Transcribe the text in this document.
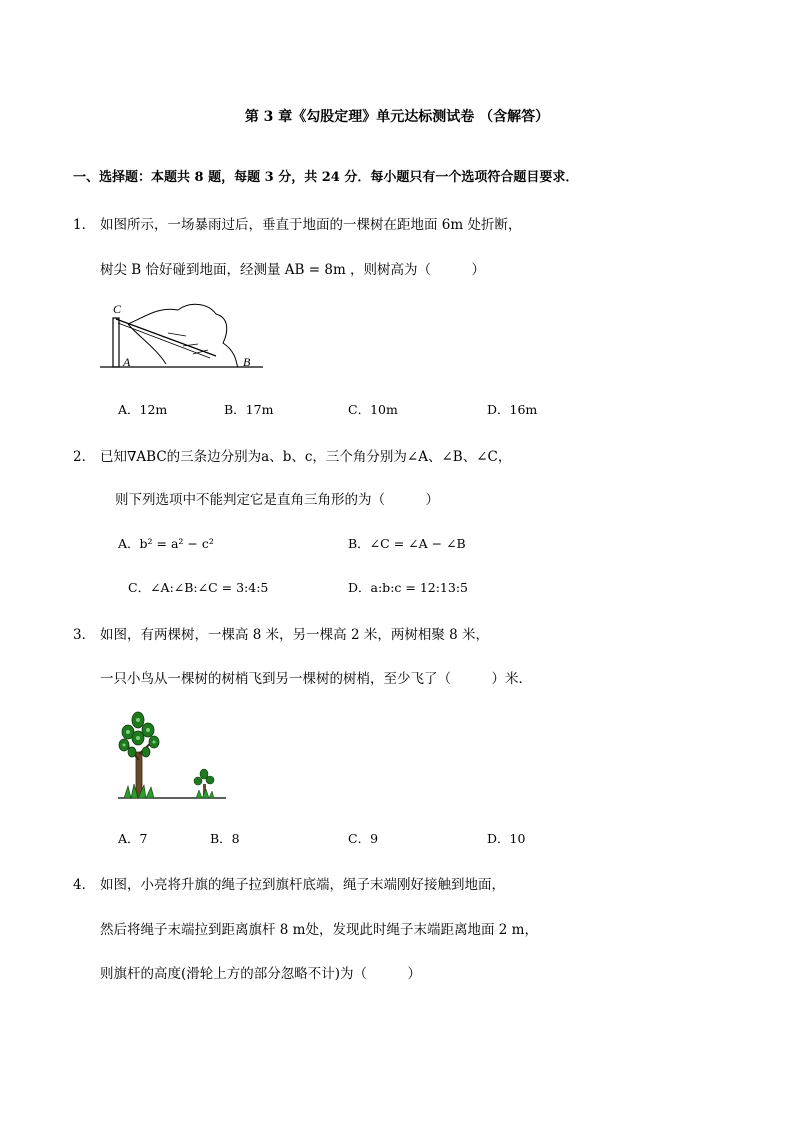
第 3 章《勾股定理》单元达标测试卷 （含解答）
一、选择题：本题共 8 题，每题 3 分，共 24 分．每小题只有一个选项符合题目要求．
1． 如图所示，一场暴雨过后，垂直于地面的一棵树在距地面 6m 处折断，
树尖 B 恰好碰到地面，经测量 AB = 8m ，则树高为（　　　）
C
A	B
A．12m	B．17m	C．10m	D．16m
2． 已知∇ABC的三条边分别为a、b、c，三个角分别为∠A、∠B、∠C，
则下列选项中不能判定它是直角三角形的为（　　　）
A．b² = a² − c²	B．∠C = ∠A − ∠B
C．∠A:∠B:∠C = 3:4:5	D．a:b:c = 12:13:5
3． 如图，有两棵树，一棵高 8 米，另一棵高 2 米，两树相聚 8 米，
一只小鸟从一棵树的树梢飞到另一棵树的树梢，至少飞了（　　　）米．
A．7	B．8	C．9	D．10
4． 如图，小亮将升旗的绳子拉到旗杆底端，绳子末端刚好接触到地面，
然后将绳子末端拉到距离旗杆 8 m处，发现此时绳子末端距离地面 2 m，
则旗杆的高度(滑轮上方的部分忽略不计)为（　　　）
